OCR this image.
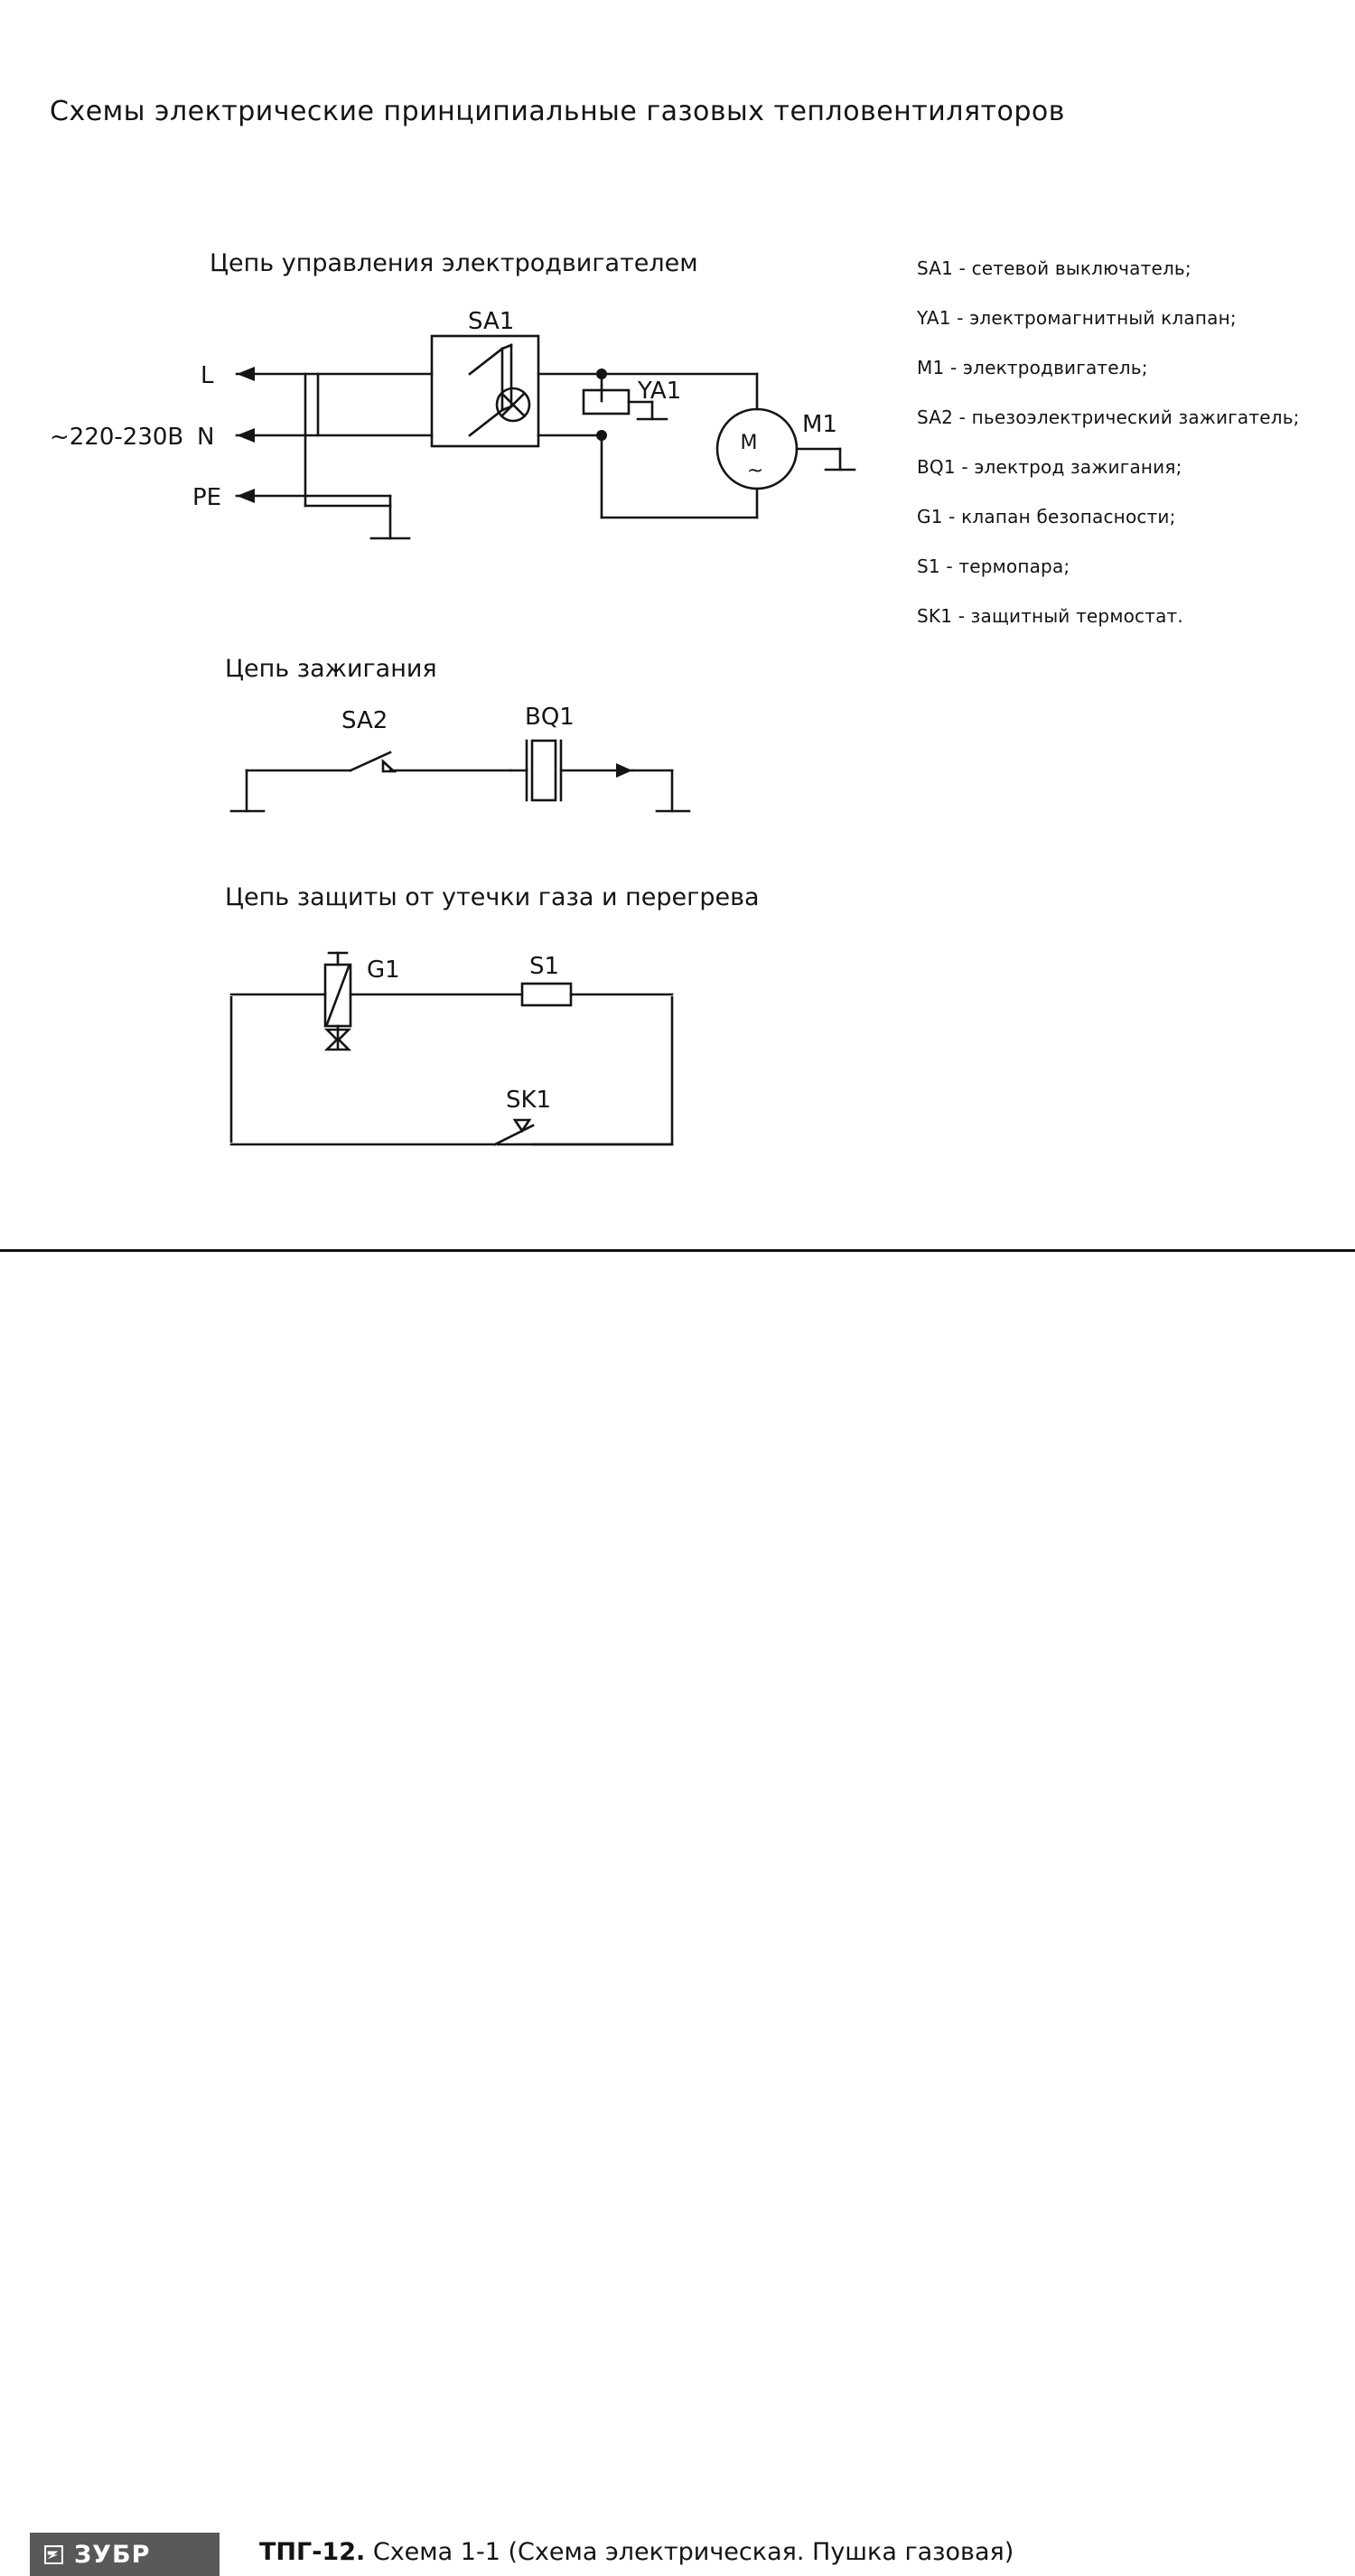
Схемы электрические принципиальные газовых тепловентиляторов
Цепь управления электродвигателем
Цепь зажигания
Цепь защиты от утечки газа и перегрева
L
N
PE
~220-230В
SA1
YA1
M1
M
~
SA2	BQ1
G1	S1
SK1
SA1 - сетевой выключатель;
YA1 - электромагнитный клапан;
M1 - электродвигатель;
SA2 - пьезоэлектрический зажигатель;
BQ1 - электрод зажигания;
G1 - клапан безопасности;
S1 - термопара;
SK1 - защитный термостат.
ЗУБР	ТПГ-12. Схема 1-1 (Схема электрическая. Пушка газовая)
